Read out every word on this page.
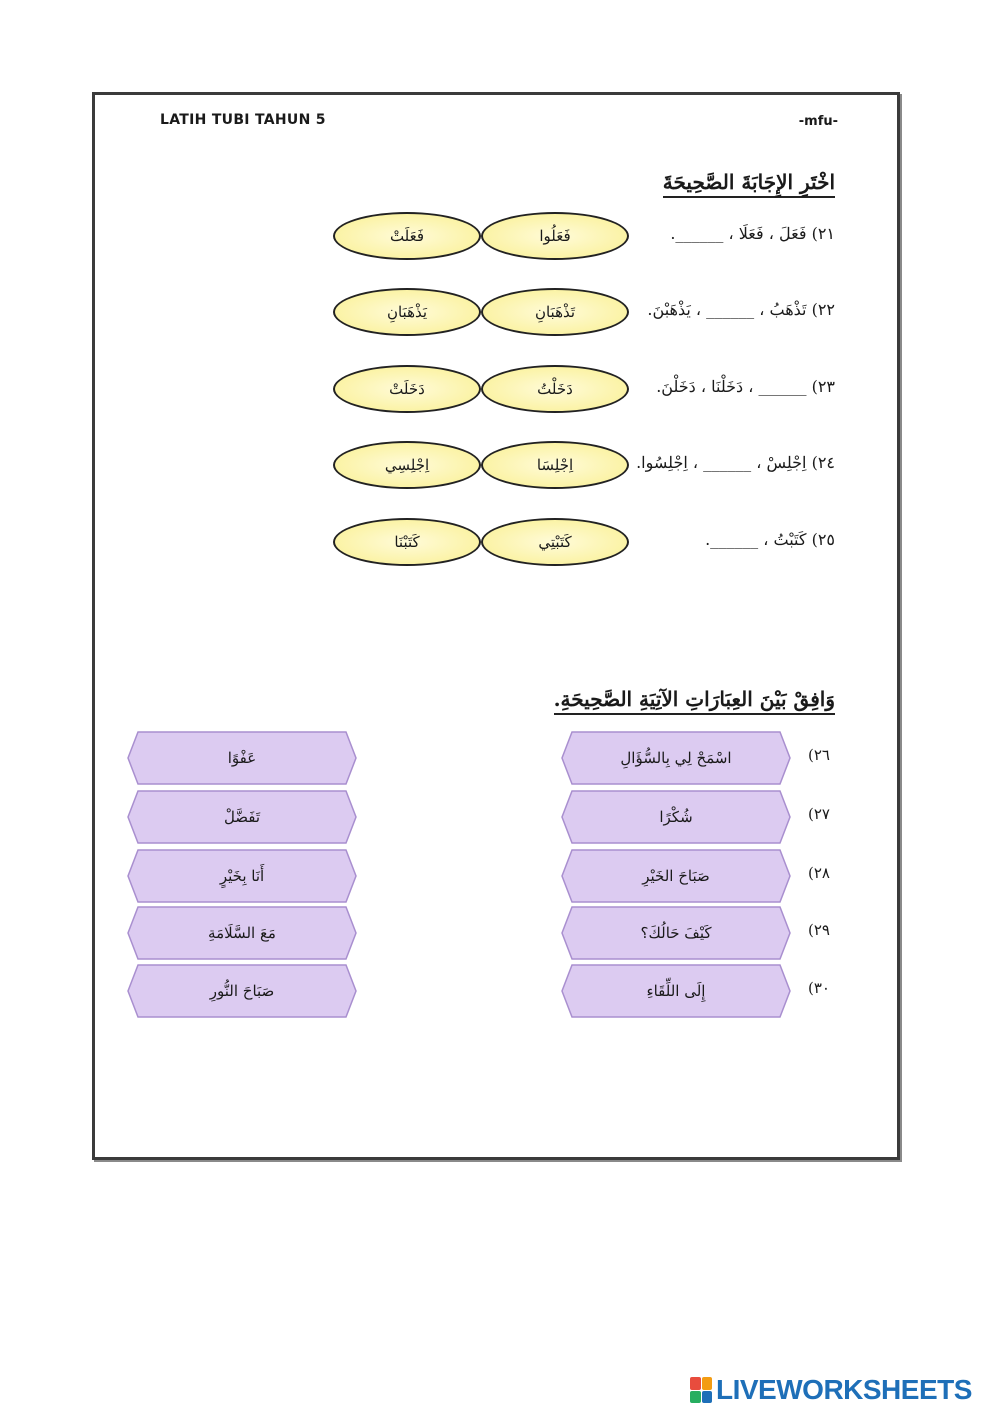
LATIH TUBI TAHUN 5	-mfu-
اخْتَرِ الإِجَابَةَ الصَّحِيحَةَ
٢١) فَعَلَ ، فَعَلَا ، ______.
فَعَلُوا
فَعَلَتْ
٢٢) تَذْهَبُ ، ______ ، يَذْهَبْنَ.
تَذْهَبَانِ
يَذْهَبَانِ
٢٣) ______ ، دَخَلْنَا ، دَخَلْنَ.
دَخَلْتُ
دَخَلَتْ
٢٤) اِجْلِسْ ، ______ ، اِجْلِسُوا.
اِجْلِسَا
اِجْلِسِي
٢٥) كَتَبْتُ ، ______.
كَتَبْتِي
كَتَبْنَا
وَافِقْ بَيْنَ العِبَارَاتِ الآتِيَةِ الصَّحِيحَةِ.
عَفْوًا	اسْمَحْ لِي بِالسُّؤَالِ	٢٦)
تَفَضَّلْ	شُكْرًا	٢٧)
أَنَا بِخَيْرٍ	صَبَاحَ الخَيْرِ	٢٨)
مَعَ السَّلَامَةِ	كَيْفَ حَالُكَ؟	٢٩)
صَبَاحَ النُّورِ	إِلَى اللِّقَاءِ	٣٠)
LIVEWORKSHEETS
